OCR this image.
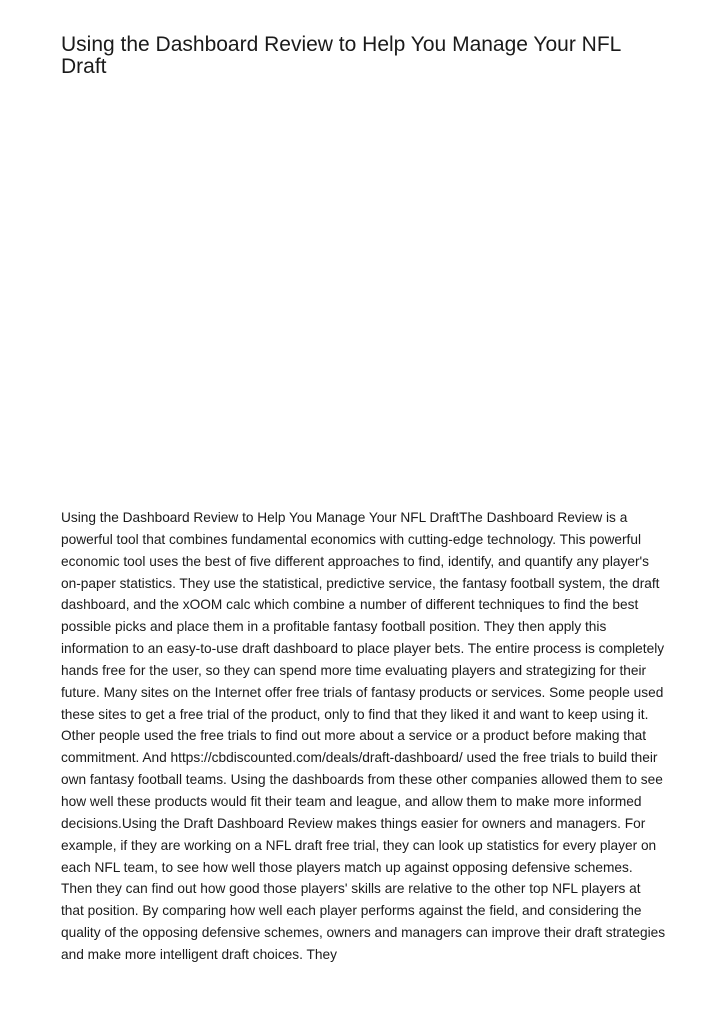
Using the Dashboard Review to Help You Manage Your NFL Draft

Using the Dashboard Review to Help You Manage Your NFL DraftThe Dashboard Review is a powerful tool that combines fundamental economics with cutting-edge technology. This powerful economic tool uses the best of five different approaches to find, identify, and quantify any player's on-paper statistics. They use the statistical, predictive service, the fantasy football system, the draft dashboard, and the xOOM calc which combine a number of different techniques to find the best possible picks and place them in a profitable fantasy football position. They then apply this information to an easy-to-use draft dashboard to place player bets. The entire process is completely hands free for the user, so they can spend more time evaluating players and strategizing for their future. Many sites on the Internet offer free trials of fantasy products or services. Some people used these sites to get a free trial of the product, only to find that they liked it and want to keep using it. Other people used the free trials to find out more about a service or a product before making that commitment. And https://cbdiscounted.com/deals/draft-dashboard/ used the free trials to build their own fantasy football teams. Using the dashboards from these other companies allowed them to see how well these products would fit their team and league, and allow them to make more informed decisions.Using the Draft Dashboard Review makes things easier for owners and managers. For example, if they are working on a NFL draft free trial, they can look up statistics for every player on each NFL team, to see how well those players match up against opposing defensive schemes. Then they can find out how good those players' skills are relative to the other top NFL players at that position. By comparing how well each player performs against the field, and considering the quality of the opposing defensive schemes, owners and managers can improve their draft strategies and make more intelligent draft choices. They
